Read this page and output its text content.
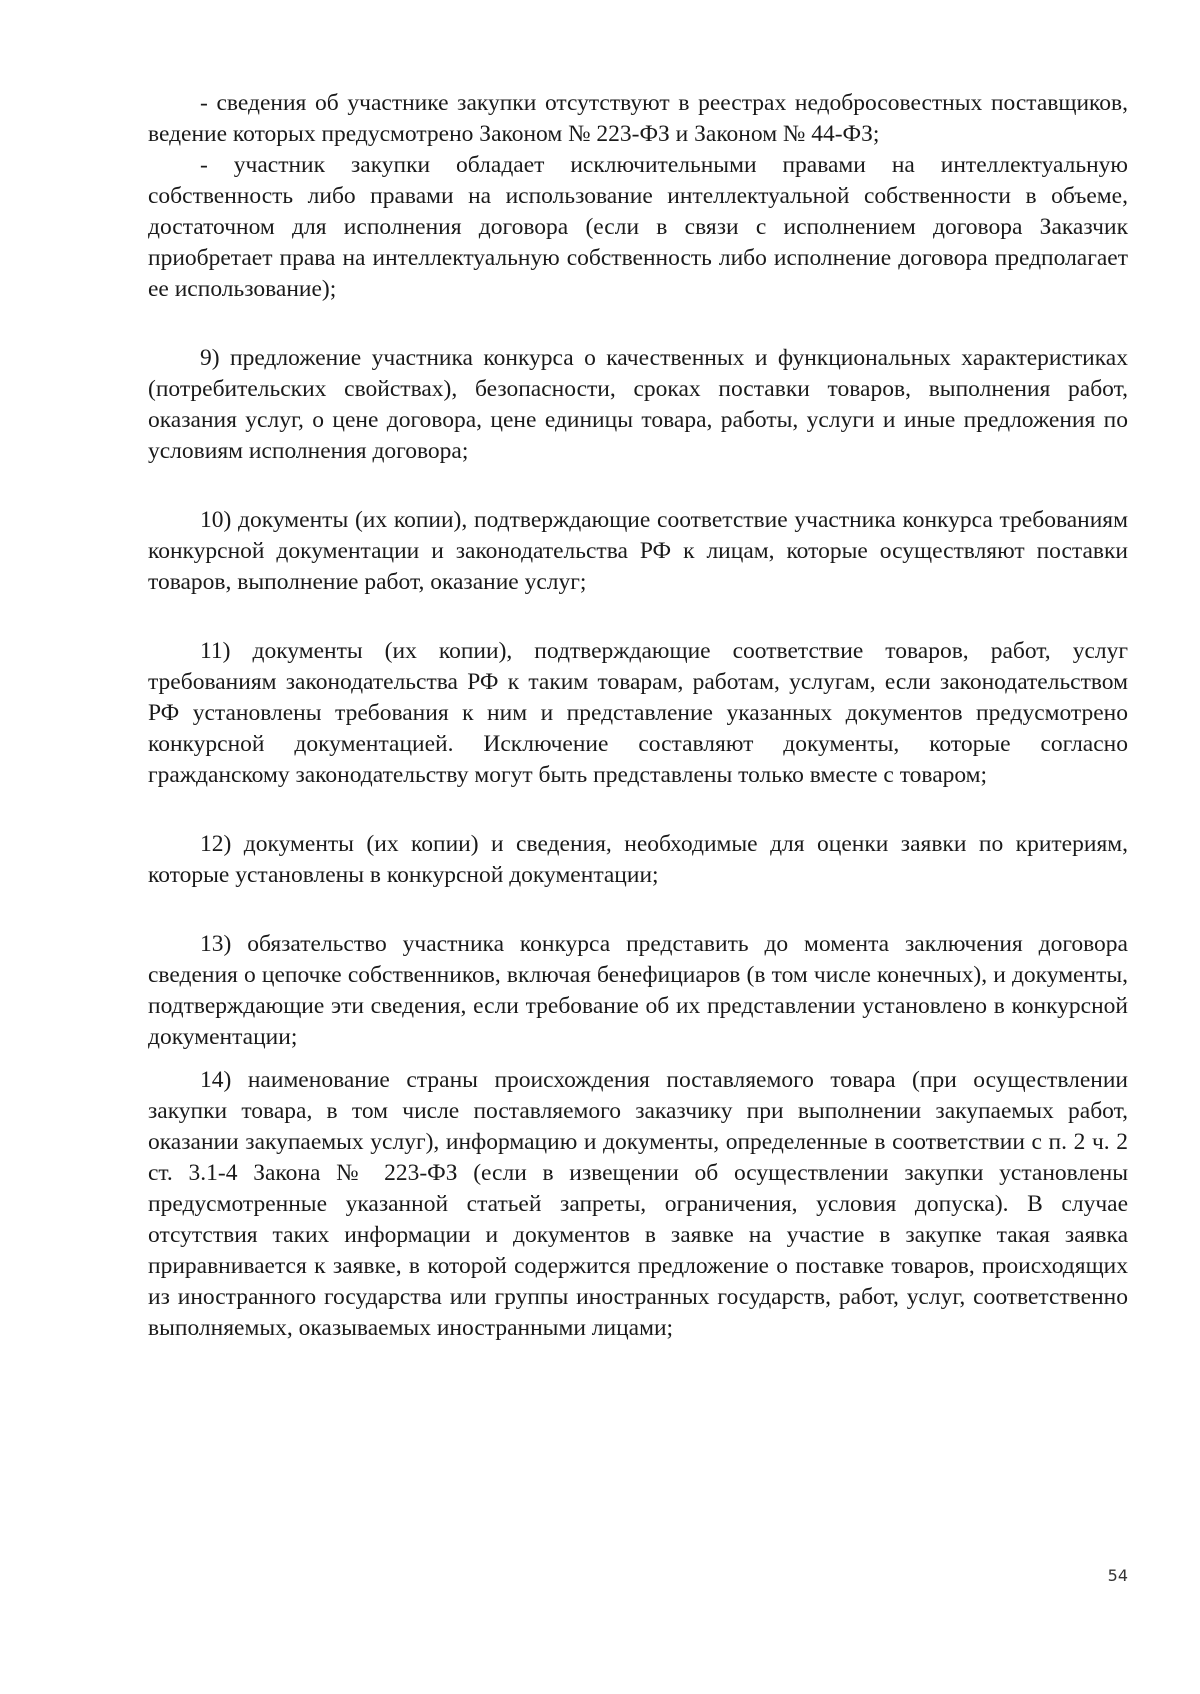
- сведения об участнике закупки отсутствуют в реестрах недобросовестных поставщиков, ведение которых предусмотрено Законом № 223-ФЗ и Законом № 44-ФЗ;

- участник закупки обладает исключительными правами на интеллектуальную собственность либо правами на использование интеллектуальной собственности в объеме, достаточном для исполнения договора (если в связи с исполнением договора Заказчик приобретает права на интеллектуальную собственность либо исполнение договора предполагает ее использование);

9) предложение участника конкурса о качественных и функциональных характеристиках (потребительских свойствах), безопасности, сроках поставки товаров, выполнения работ, оказания услуг, о цене договора, цене единицы товара, работы, услуги и иные предложения по условиям исполнения договора;

10) документы (их копии), подтверждающие соответствие участника конкурса требованиям конкурсной документации и законодательства РФ к лицам, которые осуществляют поставки товаров, выполнение работ, оказание услуг;

11) документы (их копии), подтверждающие соответствие товаров, работ, услуг требованиям законодательства РФ к таким товарам, работам, услугам, если законодательством РФ установлены требования к ним и представление указанных документов предусмотрено конкурсной документацией. Исключение составляют документы, которые согласно гражданскому законодательству могут быть представлены только вместе с товаром;

12) документы (их копии) и сведения, необходимые для оценки заявки по критериям, которые установлены в конкурсной документации;

13) обязательство участника конкурса представить до момента заключения договора сведения о цепочке собственников, включая бенефициаров (в том числе конечных), и документы, подтверждающие эти сведения, если требование об их представлении установлено в конкурсной документации;

14) наименование страны происхождения поставляемого товара (при осуществлении закупки товара, в том числе поставляемого заказчику при выполнении закупаемых работ, оказании закупаемых услуг), информацию и документы, определенные в соответствии с п. 2 ч. 2 ст. 3.1-4 Закона № 223-ФЗ (если в извещении об осуществлении закупки установлены предусмотренные указанной статьей запреты, ограничения, условия допуска). В случае отсутствия таких информации и документов в заявке на участие в закупке такая заявка приравнивается к заявке, в которой содержится предложение о поставке товаров, происходящих из иностранного государства или группы иностранных государств, работ, услуг, соответственно выполняемых, оказываемых иностранными лицами;

54
